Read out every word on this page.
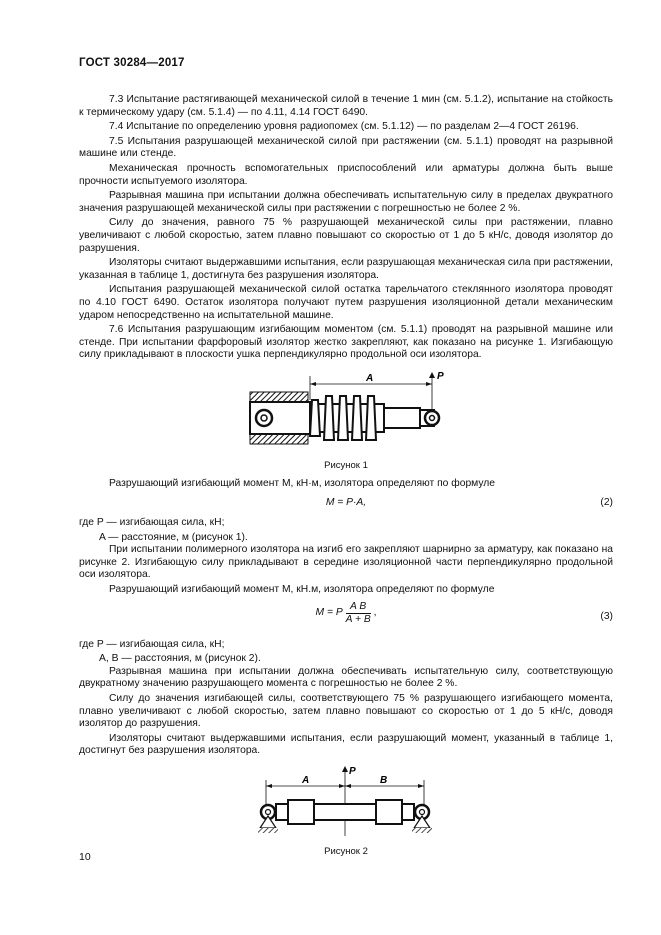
ГОСТ 30284—2017

7.3 Испытание растягивающей механической силой в течение 1 мин (см. 5.1.2), испытание на стойкость к термическому удару (см. 5.1.4) — по 4.11, 4.14 ГОСТ 6490.

7.4 Испытание по определению уровня радиопомех (см. 5.1.12) — по разделам 2—4 ГОСТ 26196.

7.5 Испытания разрушающей механической силой при растяжении (см. 5.1.1) проводят на разрывной машине или стенде.

Механическая прочность вспомогательных приспособлений или арматуры должна быть выше прочности испытуемого изолятора.

Разрывная машина при испытании должна обеспечивать испытательную силу в пределах двукратного значения разрушающей механической силы при растяжении с погрешностью не более 2 %.

Силу до значения, равного 75 % разрушающей механической силы при растяжении, плавно увеличивают с любой скоростью, затем плавно повышают со скоростью от 1 до 5 кН/с, доводя изолятор до разрушения.

Изоляторы считают выдержавшими испытания, если разрушающая механическая сила при растяжении, указанная в таблице 1, достигнута без разрушения изолятора.

Испытания разрушающей механической силой остатка тарельчатого стеклянного изолятора проводят по 4.10 ГОСТ 6490. Остаток изолятора получают путем разрушения изоляционной детали механическим ударом непосредственно на испытательной машине.

7.6 Испытания разрушающим изгибающим моментом (см. 5.1.1) проводят на разрывной машине или стенде. При испытании фарфоровый изолятор жестко закрепляют, как показано на рисунке 1. Изгибающую силу прикладывают в плоскости ушка перпендикулярно продольной оси изолятора.

A	P
Рисунок 1

Разрушающий изгибающий момент М, кН·м, изолятора определяют по формуле

M = P·A,	(2)

где P — изгибающая сила, кН;

A — расстояние, м (рисунок 1).

При испытании полимерного изолятора на изгиб его закрепляют шарнирно за арматуру, как показано на рисунке 2. Изгибающую силу прикладывают в середине изоляционной части перпендикулярно продольной оси изолятора.

Разрушающий изгибающий момент М, кН.м, изолятора определяют по формуле

M = P $\frac{\text{A B}}{A + B}$ ,	(3)

где P — изгибающая сила, кН;

A, B — расстояния, м (рисунок 2).

Разрывная машина при испытании должна обеспечивать испытательную силу, соответствующую двукратному значению разрушающего момента с погрешностью не более 2 %.

Силу до значения изгибающей силы, соответствующего 75 % разрушающего изгибающего момента, плавно увеличивают с любой скоростью, затем плавно повышают со скоростью от 1 до 5 кН/с, доводя изолятор до разрушения.

Изоляторы считают выдержавшими испытания, если разрушающий момент, указанный в таблице 1, достигнут без разрушения изолятора.

A	B
P
Рисунок 2
10
